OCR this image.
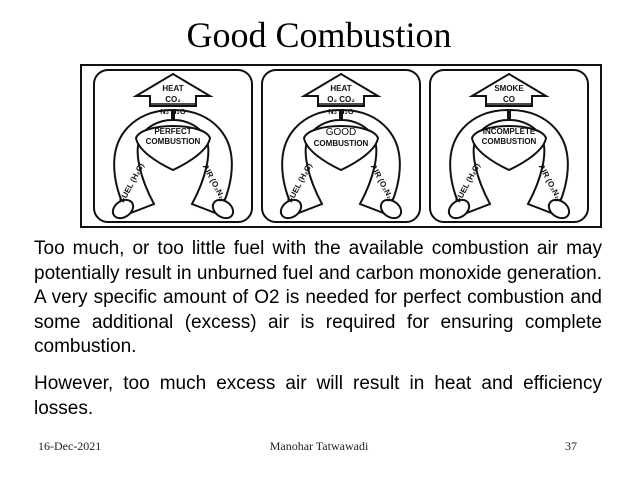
Good Combustion
HEAT
CO₂
N₂ H₂O
PERFECT
COMBUSTION
FUEL (H₂C)	AIR (O₂N₂)
HEAT
O₂ CO₂
N₂ H₂O
GOOD
COMBUSTION
FUEL (H₂C)	AIR (O₂N₂)
SMOKE
CO
INCOMPLETE
COMBUSTION
FUEL (H₂C)	AIR (O₂N₂)

Too much, or too little fuel with the available combustion air may potentially result in unburned fuel and carbon monoxide generation. A very specific amount of O2 is needed for perfect combustion and some additional (excess) air is required for ensuring complete combustion.

However, too much excess air will result in heat and efficiency losses.

16-Dec-2021	Manohar Tatwawadi	37
